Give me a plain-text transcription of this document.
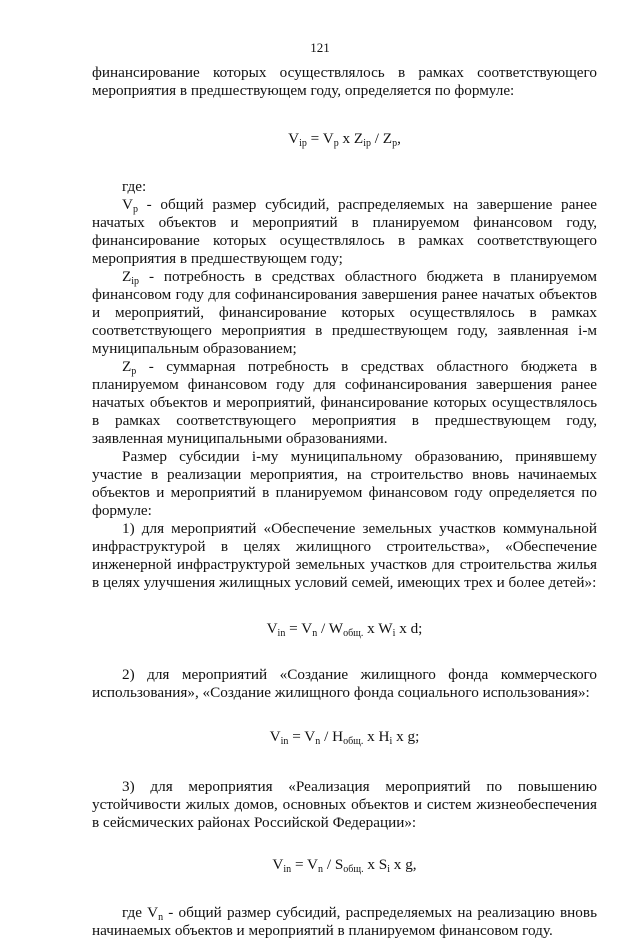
121

финансирование которых осуществлялось в рамках соответствующего мероприятия в предшествующем году, определяется по формуле:

$V_{ip} = V_p$ x $Z_{ip} / Z_p$,

где:

$V_p$ - общий размер субсидий, распределяемых на завершение ранее начатых объектов и мероприятий в планируемом финансовом году, финансирование которых осуществлялось в рамках соответствующего мероприятия в предшествующем году;

$Z_{ip}$ - потребность в средствах областного бюджета в планируемом финансовом году для софинансирования завершения ранее начатых объектов и мероприятий, финансирование которых осуществлялось в рамках соответствующего мероприятия в предшествующем году, заявленная i-м муниципальным образованием;

$Z_p$ - суммарная потребность в средствах областного бюджета в планируемом финансовом году для софинансирования завершения ранее начатых объектов и мероприятий, финансирование которых осуществлялось в рамках соответствующего мероприятия в предшествующем году, заявленная муниципальными образованиями.

Размер субсидии i-му муниципальному образованию, принявшему участие в реализации мероприятия, на строительство вновь начинаемых объектов и мероприятий в планируемом финансовом году определяется по формуле:

1) для мероприятий «Обеспечение земельных участков коммунальной инфраструктурой в целях жилищного строительства», «Обеспечение инженерной инфраструктурой земельных участков для строительства жилья в целях улучшения жилищных условий семей, имеющих трех и более детей»:

$V_{in} = V_n / W_{общ.}$ x $W_i$ x d;

2) для мероприятий «Создание жилищного фонда коммерческого использования», «Создание жилищного фонда социального использования»:

$V_{in} = V_n / H_{общ.}$ x $H_i$ x g;

3) для мероприятия «Реализация мероприятий по повышению устойчивости жилых домов, основных объектов и систем жизнеобеспечения в сейсмических районах Российской Федерации»:

$V_{in} = V_n / S_{общ.}$ x $S_i$ x g,

где $V_n$ - общий размер субсидий, распределяемых на реализацию вновь начинаемых объектов и мероприятий в планируемом финансовом году.
